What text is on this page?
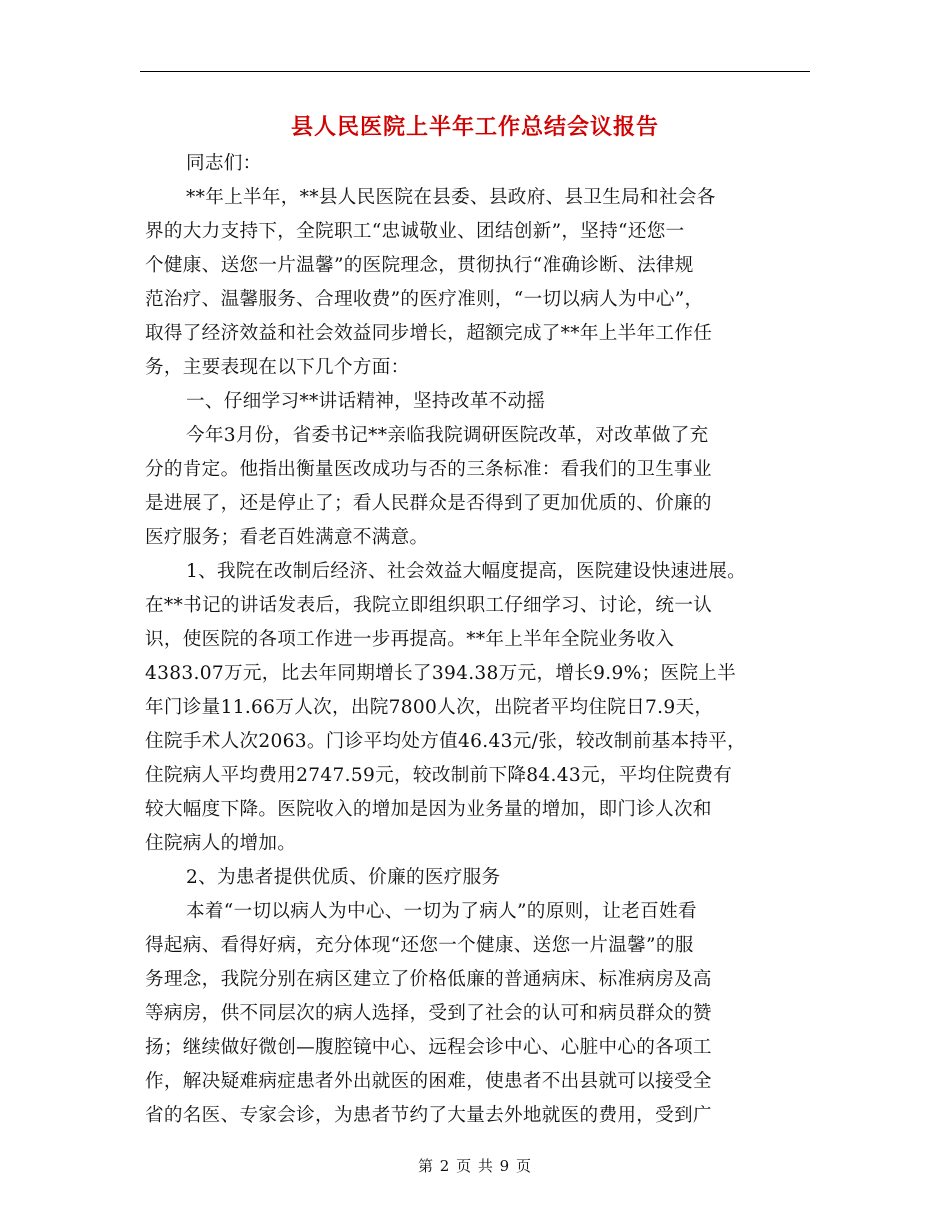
县人民医院上半年工作总结会议报告
同志们：
**年上半年，**县人民医院在县委、县政府、县卫生局和社会各
界的大力支持下，全院职工“忠诚敬业、团结创新”，坚持“还您一
个健康、送您一片温馨”的医院理念，贯彻执行“准确诊断、法律规
范治疗、温馨服务、合理收费”的医疗准则，“一切以病人为中心”，
取得了经济效益和社会效益同步增长，超额完成了**年上半年工作任
务，主要表现在以下几个方面：
一、仔细学习**讲话精神，坚持改革不动摇
今年3月份，省委书记**亲临我院调研医院改革，对改革做了充
分的肯定。他指出衡量医改成功与否的三条标准：看我们的卫生事业
是进展了，还是停止了；看人民群众是否得到了更加优质的、价廉的
医疗服务；看老百姓满意不满意。
1、我院在改制后经济、社会效益大幅度提高，医院建设快速进展。
在**书记的讲话发表后，我院立即组织职工仔细学习、讨论，统一认
识，使医院的各项工作进一步再提高。**年上半年全院业务收入
4383.07万元，比去年同期增长了394.38万元，增长9.9%；医院上半
年门诊量11.66万人次，出院7800人次，出院者平均住院日7.9天，
住院手术人次2063。门诊平均处方值46.43元/张，较改制前基本持平，
住院病人平均费用2747.59元，较改制前下降84.43元，平均住院费有
较大幅度下降。医院收入的增加是因为业务量的增加，即门诊人次和
住院病人的增加。
2、为患者提供优质、价廉的医疗服务
本着“一切以病人为中心、一切为了病人”的原则，让老百姓看
得起病、看得好病，充分体现“还您一个健康、送您一片温馨”的服
务理念，我院分别在病区建立了价格低廉的普通病床、标准病房及高
等病房，供不同层次的病人选择，受到了社会的认可和病员群众的赞
扬；继续做好微创—腹腔镜中心、远程会诊中心、心脏中心的各项工
作，解决疑难病症患者外出就医的困难，使患者不出县就可以接受全
省的名医、专家会诊，为患者节约了大量去外地就医的费用，受到广
第 2 页 共 9 页
